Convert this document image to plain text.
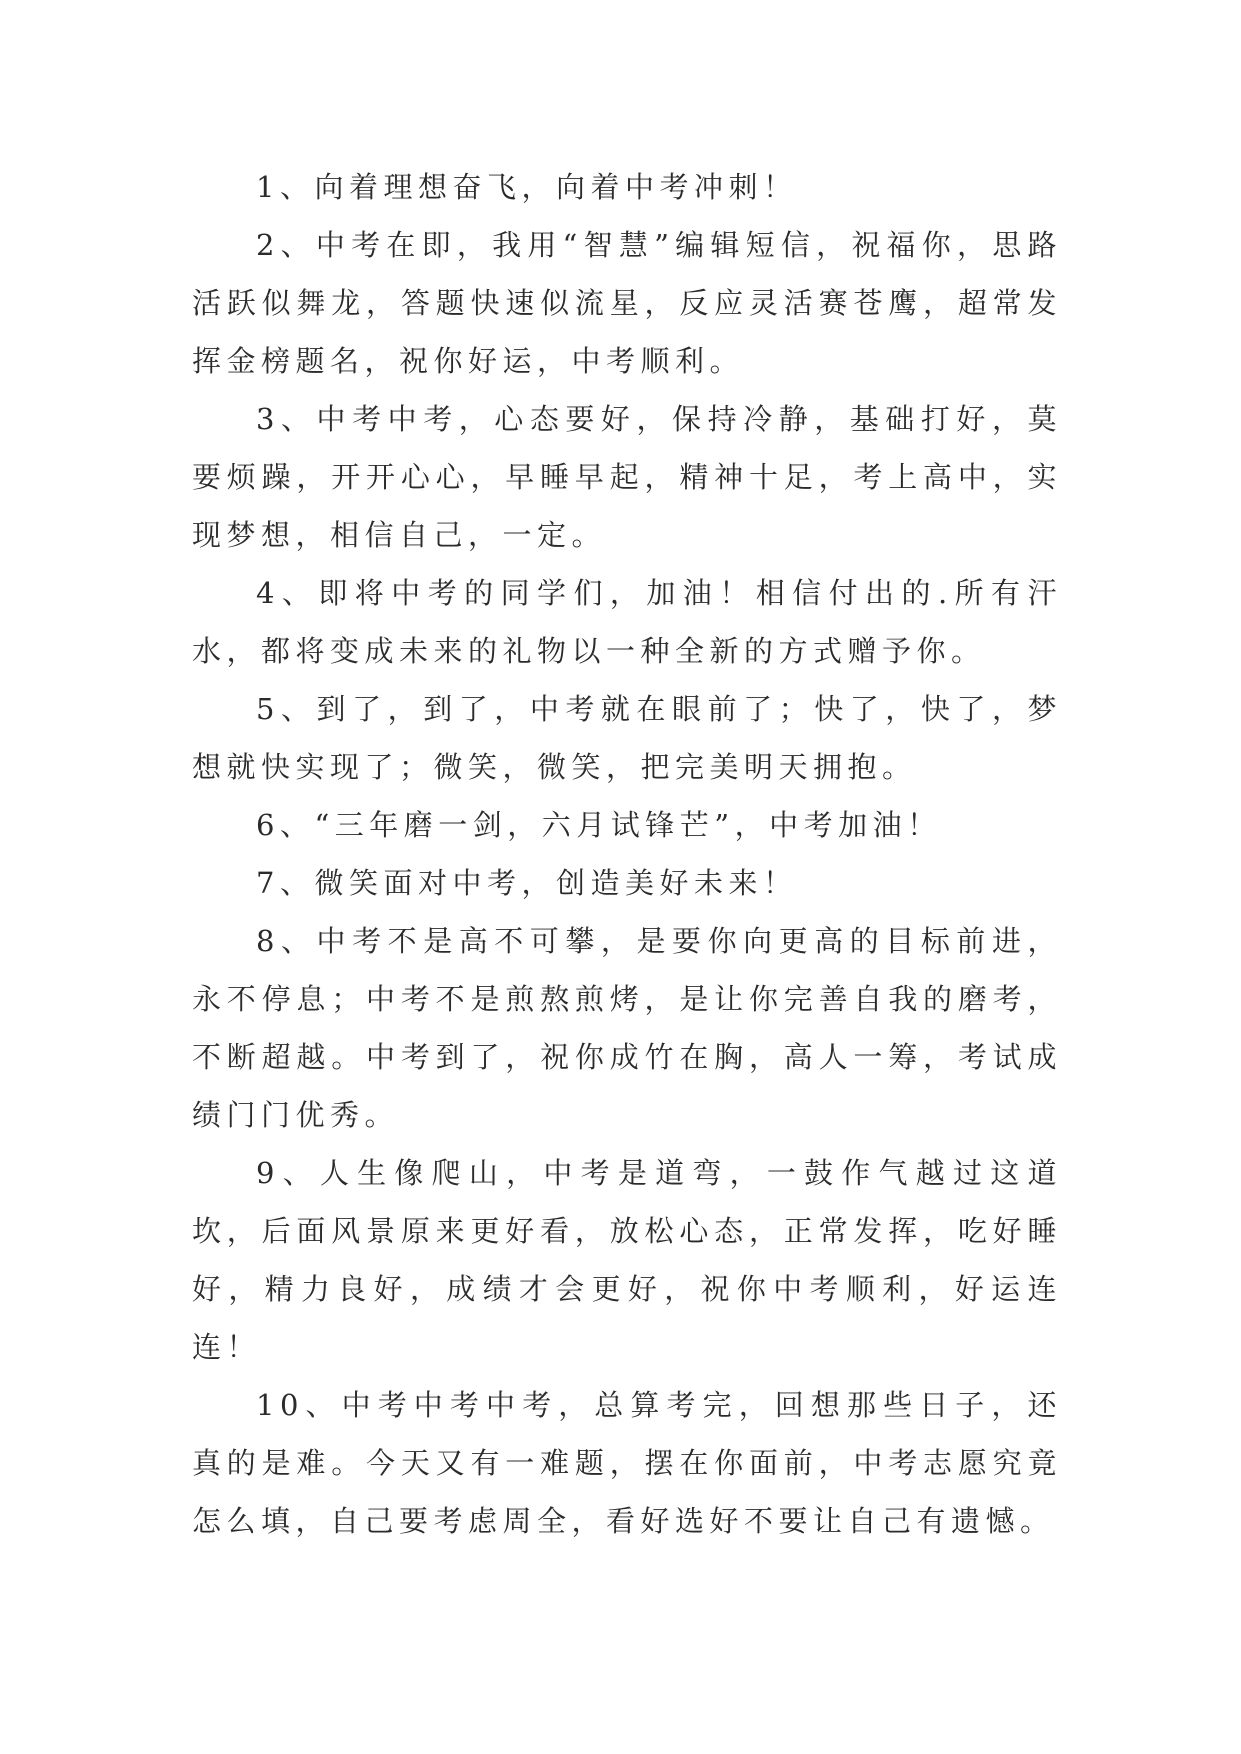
1、向着理想奋飞，向着中考冲刺！

2、中考在即，我用“智慧”编辑短信，祝福你，思路活跃似舞龙，答题快速似流星，反应灵活赛苍鹰，超常发挥金榜题名，祝你好运，中考顺利。

3、中考中考，心态要好，保持冷静，基础打好，莫要烦躁，开开心心，早睡早起，精神十足，考上高中，实现梦想，相信自己，一定。

4、即将中考的同学们，加油！相信付出的.所有汗水，都将变成未来的礼物以一种全新的方式赠予你。

5、到了，到了，中考就在眼前了；快了，快了，梦想就快实现了；微笑，微笑，把完美明天拥抱。

6、“三年磨一剑，六月试锋芒”，中考加油！

7、微笑面对中考，创造美好未来！

8、中考不是高不可攀，是要你向更高的目标前进，永不停息；中考不是煎熬煎烤，是让你完善自我的磨考，不断超越。中考到了，祝你成竹在胸，高人一筹，考试成绩门门优秀。

9、人生像爬山，中考是道弯，一鼓作气越过这道坎，后面风景原来更好看，放松心态，正常发挥，吃好睡好，精力良好，成绩才会更好，祝你中考顺利，好运连连！

10、中考中考中考，总算考完，回想那些日子，还真的是难。今天又有一难题，摆在你面前，中考志愿究竟怎么填，自己要考虑周全，看好选好不要让自己有遗憾。
